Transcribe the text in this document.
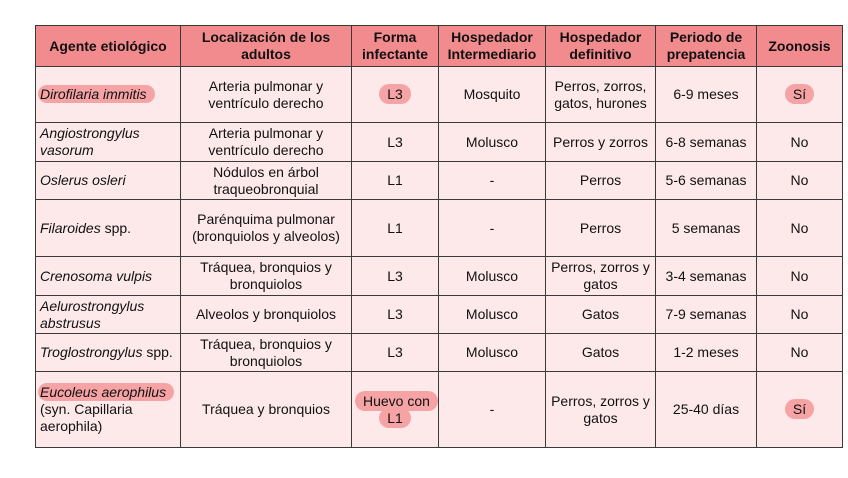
Agente etiológico	Localización de los adultos	Forma infectante	Hospedador Intermediario	Hospedador definitivo	Periodo de prepatencia	Zoonosis
Dirofilaria immitis	Arteria pulmonar y ventrículo derecho	L3	Mosquito	Perros, zorros, gatos, hurones	6-9 meses	Sí
Angiostrongylus vasorum	Arteria pulmonar y ventrículo derecho	L3	Molusco	Perros y zorros	6-8 semanas	No
Oslerus osleri	Nódulos en árbol traqueobronquial	L1	-	Perros	5-6 semanas	No
Filaroides spp.	Parénquima pulmonar (bronquiolos y alveolos)	L1	-	Perros	5 semanas	No
Crenosoma vulpis	Tráquea, bronquios y bronquiolos	L3	Molusco	Perros, zorros y gatos	3-4 semanas	No
Aelurostrongylus abstrusus	Alveolos y bronquiolos	L3	Molusco	Gatos	7-9 semanas	No
Troglostrongylus spp.	Tráquea, bronquios y bronquiolos	L3	Molusco	Gatos	1-2 meses	No
Eucoleus aerophilus (syn. Capillaria aerophila)	Tráquea y bronquios	Huevo con L1	-	Perros, zorros y gatos	25-40 días	Sí
